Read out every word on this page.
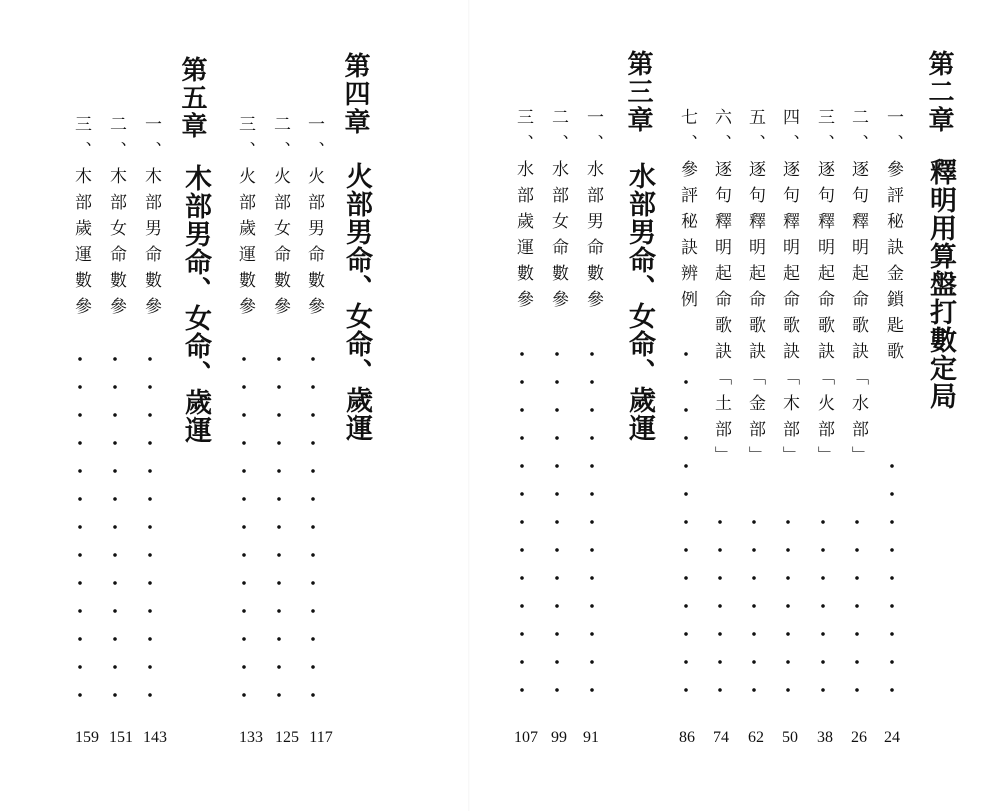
第四章
火部男命、女命、歲運
一、火部男命數參
117
二、火部女命數參
125
三、火部歲運數參
133
第五章
木部男命、女命、歲運
一、木部男命數參
143
二、木部女命數參
151
三、木部歲運數參
159
第二章
釋明用算盤打數定局
一、參評秘訣金鎖匙歌
24
二、逐句釋明起命歌訣「水部」
26
三、逐句釋明起命歌訣「火部」
38
四、逐句釋明起命歌訣「木部」
50
五、逐句釋明起命歌訣「金部」
62
六、逐句釋明起命歌訣「土部」
74
七、參評秘訣辨例
86
第三章
水部男命、女命、歲運
一、水部男命數參
91
二、水部女命數參
99
三、水部歲運數參
107
